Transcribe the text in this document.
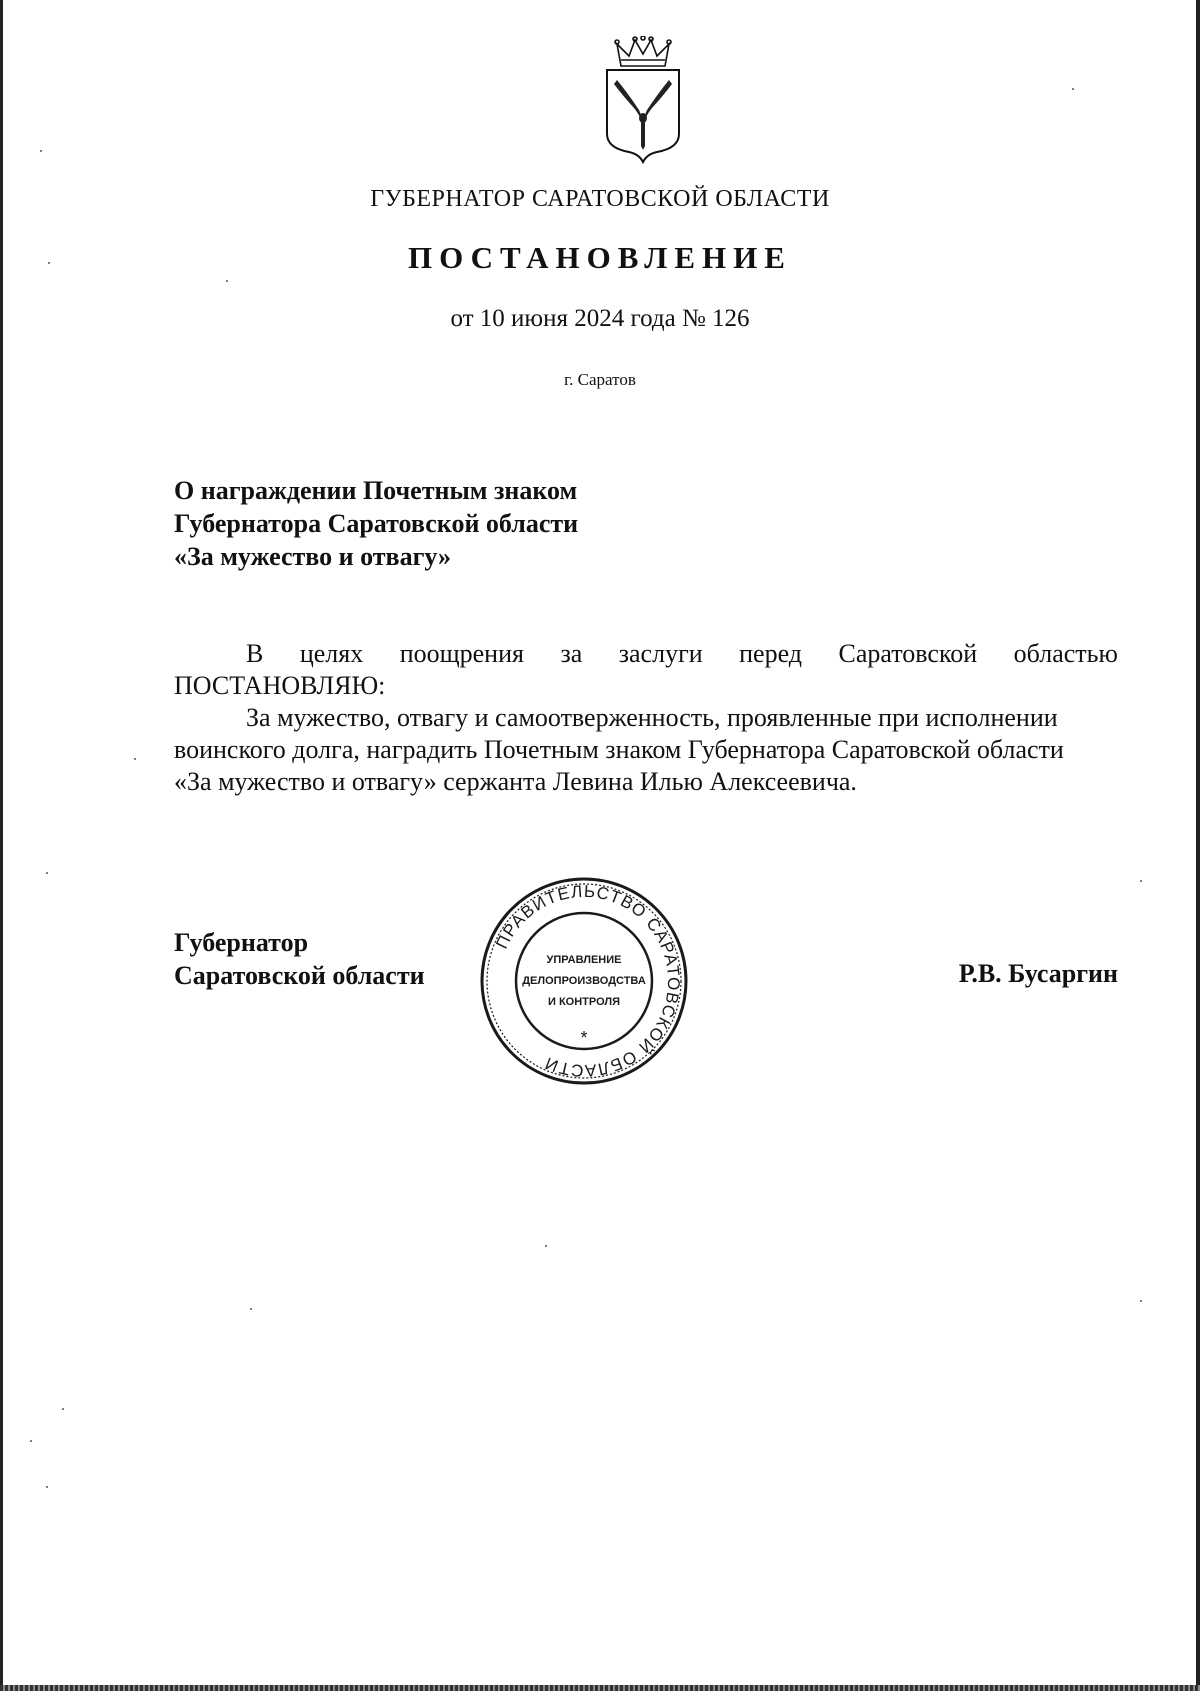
ГУБЕРНАТОР САРАТОВСКОЙ ОБЛАСТИ
ПОСТАНОВЛЕНИЕ
от 10 июня 2024 года № 126
г. Саратов
О награждении Почетным знаком
Губернатора Саратовской области
«За мужество и отвагу»
В целях поощрения за заслуги перед Саратовской областью
ПОСТАНОВЛЯЮ:
За мужество, отвагу и самоотверженность, проявленные при исполнении
воинского долга, наградить Почетным знаком Губернатора Саратовской области
«За мужество и отвагу» сержанта Левина Илью Алексеевича.
Губернатор
Саратовской области	Р.В. Бусаргин
ПРАВИТЕЛЬСТВО САРАТОВСКОЙ ОБЛАСТИ
*
УПРАВЛЕНИЕ
ДЕЛОПРОИЗВОДСТВА
И КОНТРОЛЯ
